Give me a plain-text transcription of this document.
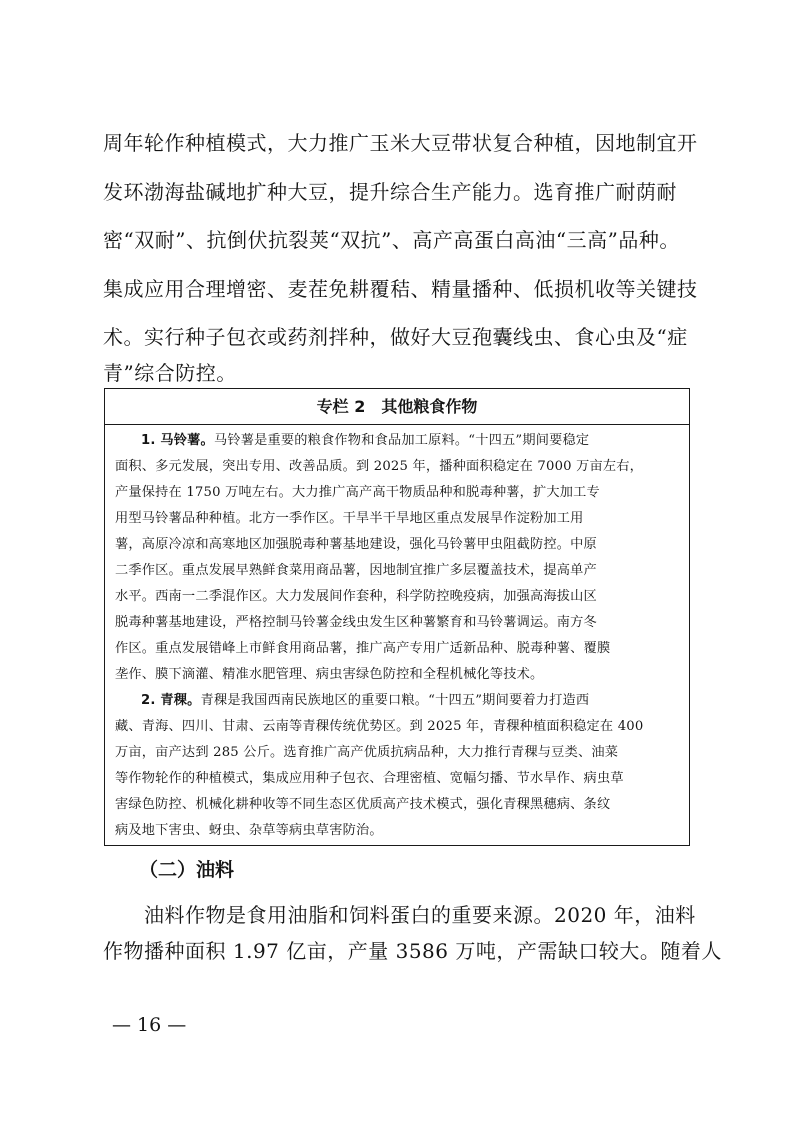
周年轮作种植模式，大力推广玉米大豆带状复合种植，因地制宜开
发环渤海盐碱地扩种大豆，提升综合生产能力。选育推广耐荫耐
密“双耐”、抗倒伏抗裂荚“双抗”、高产高蛋白高油“三高”品种。
集成应用合理增密、麦茬免耕覆秸、精量播种、低损机收等关键技
术。实行种子包衣或药剂拌种，做好大豆孢囊线虫、食心虫及“症
青”综合防控。
专栏 2　其他粮食作物
1. 马铃薯。马铃薯是重要的粮食作物和食品加工原料。“十四五”期间要稳定
面积、多元发展，突出专用、改善品质。到 2025 年，播种面积稳定在 7000 万亩左右，
产量保持在 1750 万吨左右。大力推广高产高干物质品种和脱毒种薯，扩大加工专
用型马铃薯品种种植。北方一季作区。干旱半干旱地区重点发展旱作淀粉加工用
薯，高原冷凉和高寒地区加强脱毒种薯基地建设，强化马铃薯甲虫阻截防控。中原
二季作区。重点发展早熟鲜食菜用商品薯，因地制宜推广多层覆盖技术，提高单产
水平。西南一二季混作区。大力发展间作套种，科学防控晚疫病，加强高海拔山区
脱毒种薯基地建设，严格控制马铃薯金线虫发生区种薯繁育和马铃薯调运。南方冬
作区。重点发展错峰上市鲜食用商品薯，推广高产专用广适新品种、脱毒种薯、覆膜
垄作、膜下滴灌、精准水肥管理、病虫害绿色防控和全程机械化等技术。
2. 青稞。青稞是我国西南民族地区的重要口粮。“十四五”期间要着力打造西
藏、青海、四川、甘肃、云南等青稞传统优势区。到 2025 年，青稞种植面积稳定在 400
万亩，亩产达到 285 公斤。选育推广高产优质抗病品种，大力推行青稞与豆类、油菜
等作物轮作的种植模式，集成应用种子包衣、合理密植、宽幅匀播、节水旱作、病虫草
害绿色防控、机械化耕种收等不同生态区优质高产技术模式，强化青稞黑穗病、条纹
病及地下害虫、蚜虫、杂草等病虫草害防治。
（二）油料
　　油料作物是食用油脂和饲料蛋白的重要来源。2020 年，油料
作物播种面积 1.97 亿亩，产量 3586 万吨，产需缺口较大。随着人
— 16 —
